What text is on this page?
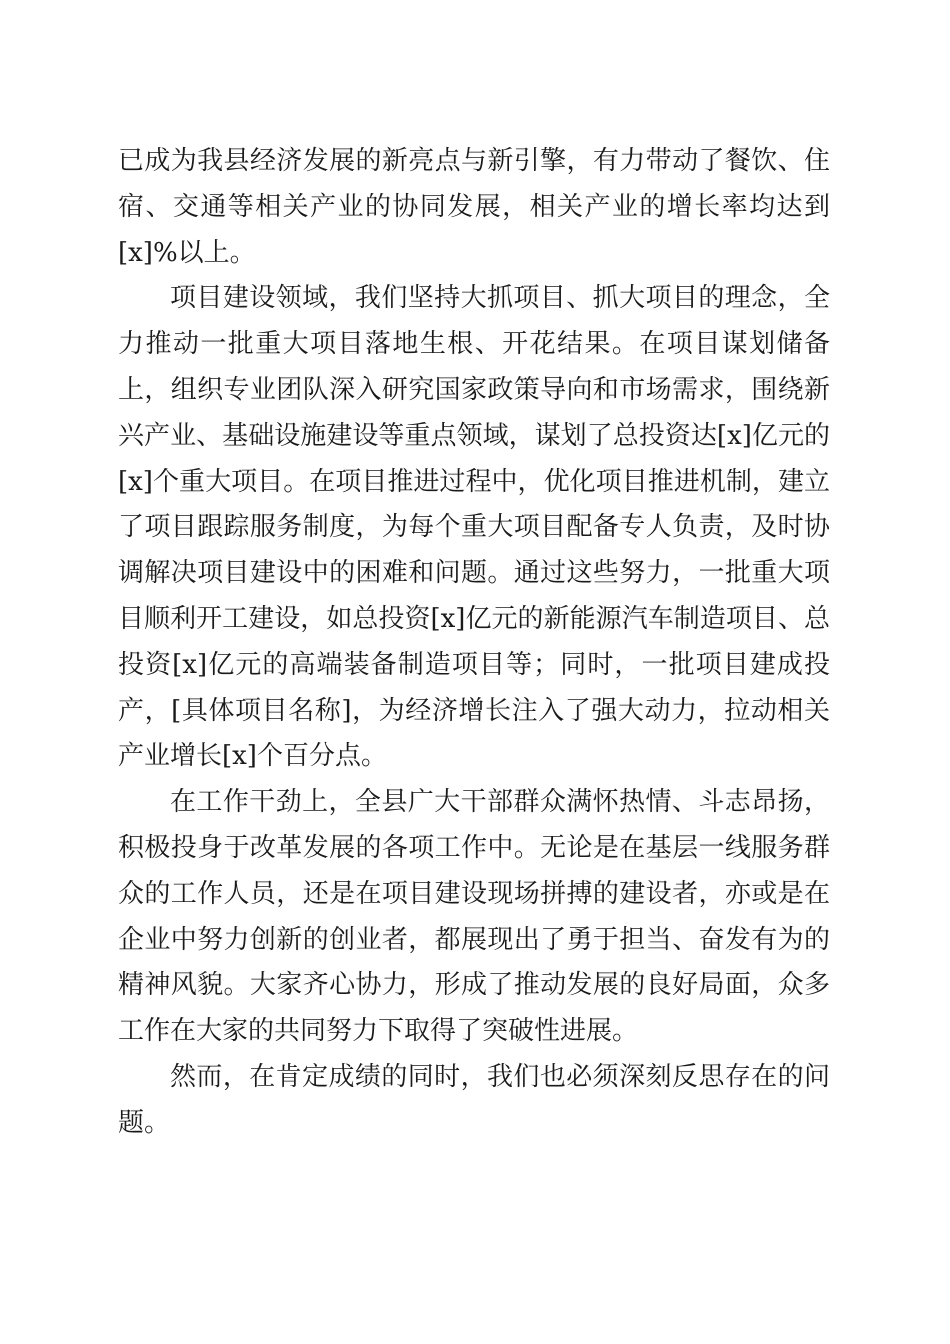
已成为我县经济发展的新亮点与新引擎，有力带动了餐饮、住宿、交通等相关产业的协同发展，相关产业的增长率均达到[x]%以上。

项目建设领域，我们坚持大抓项目、抓大项目的理念，全力推动一批重大项目落地生根、开花结果。在项目谋划储备上，组织专业团队深入研究国家政策导向和市场需求，围绕新兴产业、基础设施建设等重点领域，谋划了总投资达[x]亿元的[x]个重大项目。在项目推进过程中，优化项目推进机制，建立了项目跟踪服务制度，为每个重大项目配备专人负责，及时协调解决项目建设中的困难和问题。通过这些努力，一批重大项目顺利开工建设，如总投资[x]亿元的新能源汽车制造项目、总投资[x]亿元的高端装备制造项目等；同时，一批项目建成投产，[具体项目名称]，为经济增长注入了强大动力，拉动相关产业增长[x]个百分点。

在工作干劲上，全县广大干部群众满怀热情、斗志昂扬，积极投身于改革发展的各项工作中。无论是在基层一线服务群众的工作人员，还是在项目建设现场拼搏的建设者，亦或是在企业中努力创新的创业者，都展现出了勇于担当、奋发有为的精神风貌。大家齐心协力，形成了推动发展的良好局面，众多工作在大家的共同努力下取得了突破性进展。

然而，在肯定成绩的同时，我们也必须深刻反思存在的问题。
